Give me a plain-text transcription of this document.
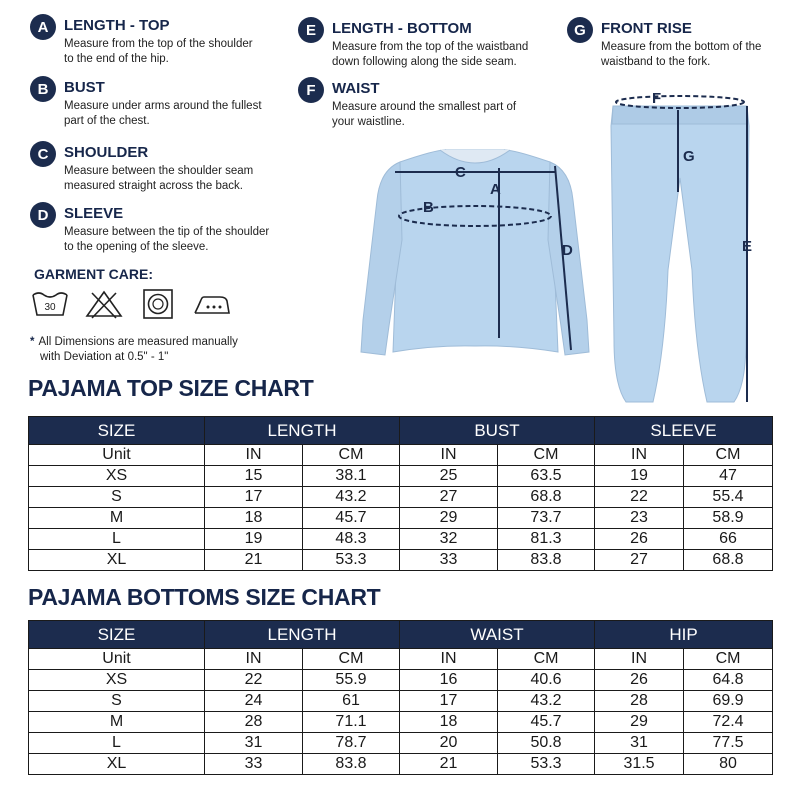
A	LENGTH - TOP
Measure from the top of the shoulder
to the end of the hip.
B	BUST
Measure under arms around the fullest
part of the chest.
C	SHOULDER
Measure between the shoulder seam
measured straight across the back.
D	SLEEVE
Measure between the tip of the shoulder
to the opening of the sleeve.
E	LENGTH - BOTTOM
Measure from the top of the waistband
down following along the side seam.
F	WAIST
Measure around the smallest part of
your waistline.
G	FRONT RISE
Measure from the bottom of the
waistband to the fork.
GARMENT CARE:
30
* All Dimensions are measured manually
with Deviation at 0.5" - 1"
C
B
A
D
F
G
E
PAJAMA TOP SIZE CHART
SIZE	LENGTH		BUST		SLEEVE	
Unit	IN	CM	IN	CM	IN	CM
XS	15	38.1	25	63.5	19	47
S	17	43.2	27	68.8	22	55.4
M	18	45.7	29	73.7	23	58.9
L	19	48.3	32	81.3	26	66
XL	21	53.3	33	83.8	27	68.8
PAJAMA BOTTOMS SIZE CHART
SIZE	LENGTH		WAIST		HIP	
Unit	IN	CM	IN	CM	IN	CM
XS	22	55.9	16	40.6	26	64.8
S	24	61	17	43.2	28	69.9
M	28	71.1	18	45.7	29	72.4
L	31	78.7	20	50.8	31	77.5
XL	33	83.8	21	53.3	31.5	80
